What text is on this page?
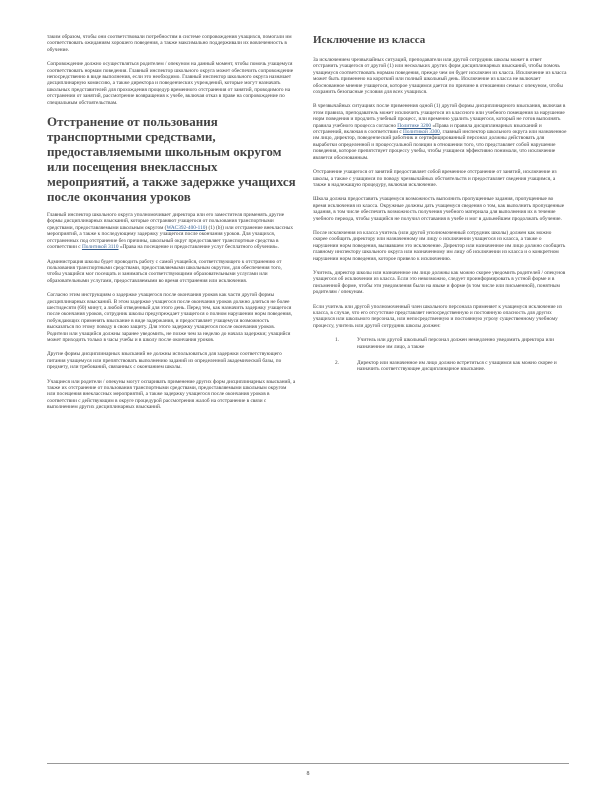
таким образом, чтобы они соответствовали потребностям в системе сопровождения учащихся, помогали им соответствовать ожиданиям хорошего поведения, а также максимально поддерживали их вовлеченность в обучение.

Сопровождение должно осуществляться родителем / опекуном на данный момент, чтобы помочь учащемуся соответствовать нормам поведения. Главный инспектор школьного округа может обеспечить сопровождение непосредственно в виде выполнения, если это необходимо. Главный инспектор школьного округа назначает дисциплинарную комиссию, а также директора и поведенческих учреждений, которые могут назначать школьных представителей для прохождения процедур временного отстранения от занятий, проводимого на отстранении от занятий, рассмотрение возвращения к учебе, включая отказ в праве на сопровождение по специальным обстоятельствам.

Отстранение от пользования транспортными средствами, предоставляемыми школьным округом или посещения внеклассных мероприятий, а также задержке учащихся после окончания уроков

Главный инспектор школьного округа уполномочивает директора или его заместителя применять другие формы дисциплинарных взысканий, которые отстраняют учащегося от пользования транспортными средствами, предоставляемыми школьным округом (WAC392-400-110) (1) (b)) или отстранение внеклассных мероприятий, а также к последующему задержку учащегося после окончания уроков. Для учащихся, отстраненных под отстранение без причины, школьный округ предоставляет транспортные средства в соответствии с Политикой 3110 «Права на посещение и предоставление услуг бесплатного обучения».

Администрация школы будет проводить работу с самой учащейся, соответствующего к отстранению от пользования транспортными средствами, предоставляемыми школьным округом, для обеспечения того, чтобы учащийся мог посещать и заниматься соответствующими образовательными услугами или образовательными услугами, предоставляемыми во время отстранения или исключения.

Согласно этим инструкциям о задержке учащегося после окончания уроков как части другой формы дисциплинарных взысканий. В этом задержке учащегося после окончания уроков должно длиться не более шестидесяти (60) минут, а любой отведенный для этого день. Перед тем, как назначить задержку учащегося после окончания уроков, сотрудник школы предупреждает учащегося о полном нарушении норм поведения, побуждающих применять взыскание в виде задержания, и предоставляет учащемуся возможность высказаться по этому поводу в свою защиту. Для этого задержку учащегося после окончания уроков. Родители или учащийся должны заранее уведомить, не позже чем за неделю до начала задержки; учащийся может приходить только в часы учебы и в школу после окончания уроков.

Другие формы дисциплинарных взысканий не должны использоваться для задержки соответствующего питания учащемуся или препятствовать выполнению заданий из определенной академической базы, по предмету, или требований, связанных с окончанием школы.

Учащиеся или родители / опекуны могут оспаривать применение других форм дисциплинарных взысканий, а также их отстранение от пользования транспортными средствами, предоставляемыми школьным округом или посещения внеклассных мероприятий, а также задержку учащегося после окончания уроков в соответствии с действующим в округе процедурой рассмотрения жалоб на отстранение в связи с выполнением других дисциплинарных взысканий.

Исключение из класса

За исключением чрезвычайных ситуаций, преподаватели или другой сотрудник школы может в ответ отстранить учащегося от другой (1) или нескольких других форм дисциплинарных взысканий, чтобы помочь учащемуся соответствовать нормам поведения, прежде чем он будет исключен из класса. Исключение из класса может быть применено на короткий или полный школьный день. Исключение из класса не включает обоснованное мнение учащегося, которое учащимся дается по причине в отношении семьи с опекуном, чтобы сохранить безопасные условия для всех учащихся.

В чрезвычайных ситуациях после применения одной (1) другой формы дисциплинарного взыскания, включая в этом правила, преподаватель может исключить учащегося из классного или учебного помещения за нарушение норм поведения и продлить учебный процесс, или временно удалить учащегося, который не готов выполнять правила учебного процесса согласно Политике 3200 «Права и правила дисциплинарных взысканий и отстранений, включая в соответствии с Политикой 3300, главный инспектор школьного округа или назначенное им лицо, директор, поведенческий работник и сертифицированный персонал должны действовать для выработки определенной и процессуальной позиции в отношении того, что представляет собой нарушение поведения, которое препятствует процессу учебы, чтобы учащиеся эффективно понимали, что исключение является обоснованным.

Отстранение учащегося от занятий предоставляет собой временное отстранение от занятий, исключение из школы, а также с учащимся по поводу чрезвычайных обстоятельств и предоставляет сведения учащимся, а также в надлежащую процедуру, включая исключение.

Школа должна предоставить учащемуся возможность выполнить пропущенные задания, пропущенные во время исключения из класса. Окружные должны дать учащемуся сведения о том, как выполнить пропущенные задания, в том числе обеспечить возможность получения учебного материала для выполнения их в течение учебного периода, чтобы учащийся не получил отставания в учебе и мог в дальнейшем продолжать обучение.

После исключения из класса учитель (или другой уполномоченный сотрудник школы) должен как можно скорее сообщить директору или назначенному им лицу о исключении учащегося из класса, а также о нарушении норм поведения, вызвавшем это исключение. Директор или назначенное им лицо должно сообщить главному инспектору школьного округа или назначенному им лицу об исключении из класса и о конкретном нарушении норм поведения, которое привело к исключению.

Учитель, директор школы или назначенное им лицо должны как можно скорее уведомить родителей / опекунов учащегося об исключении из класса. Если это невозможно, следует проинформировать в устной форме и в письменной форме, чтобы эти уведомления были на языке и форме (в том числе или письменной), понятным родителям / опекунам.

Если учитель или другой уполномоченный член школьного персонала применяет к учащемуся исключение из класса, в случае, что его отсутствие представляет непосредственную и постоянную опасность для других учащихся или школьного персонала, или непосредственную и постоянную угрозу существенному учебному процессу, учитель или другой сотрудник школы должен:

1.	Учитель или другой школьный персонал должен немедленно уведомить директора или назначенное им лицо, а также
2.	Директор или назначенное им лицо должно встретиться с учащимся как можно скорее и назначить соответствующее дисциплинарное взыскание.
8
